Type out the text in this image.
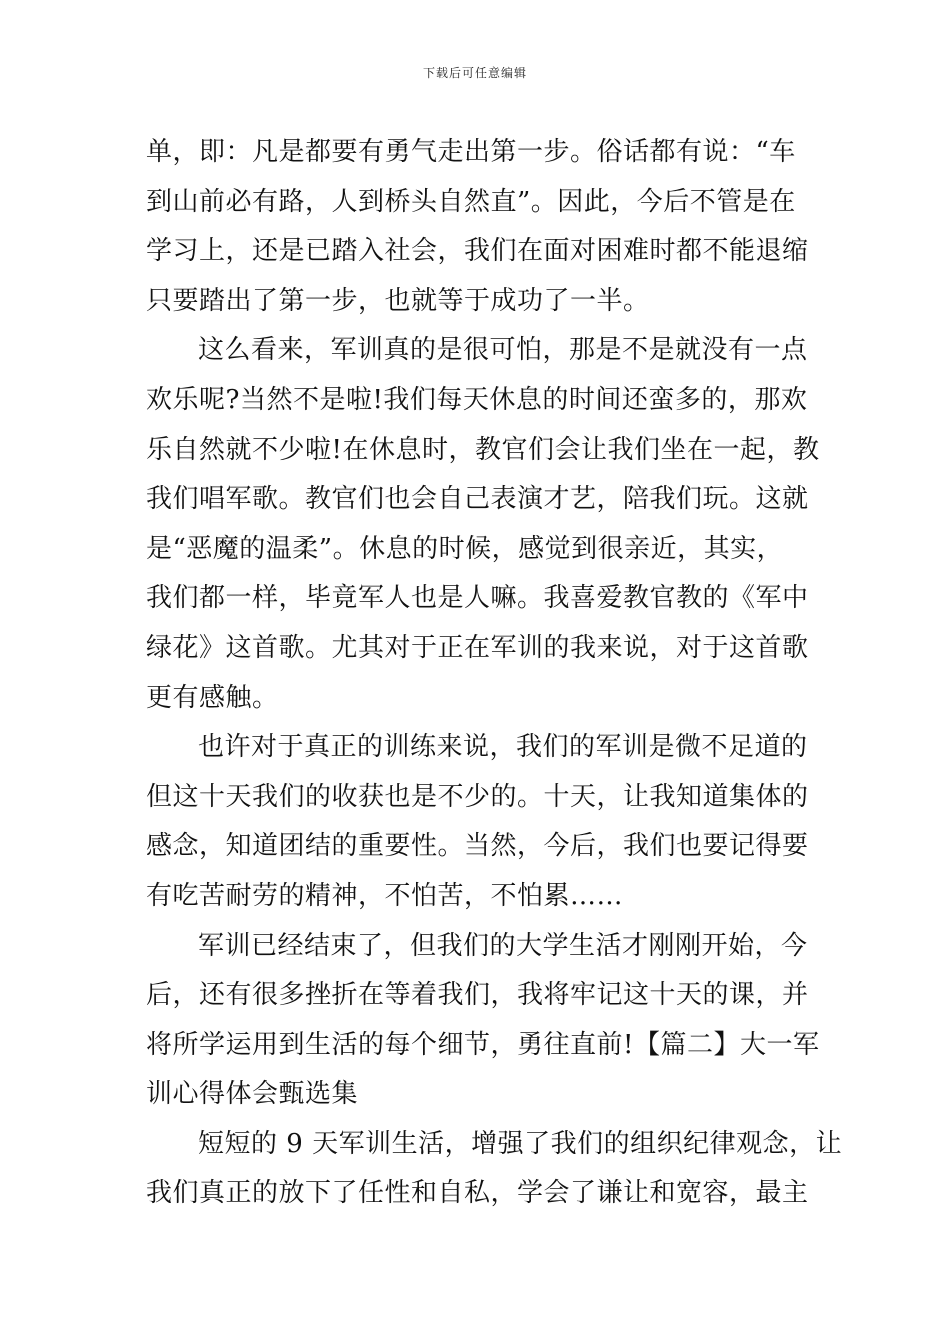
下载后可任意编辑
单，即：凡是都要有勇气走出第一步。俗话都有说：“车
到山前必有路，人到桥头自然直”。因此，今后不管是在
学习上，还是已踏入社会，我们在面对困难时都不能退缩
只要踏出了第一步，也就等于成功了一半。
这么看来，军训真的是很可怕，那是不是就没有一点
欢乐呢?当然不是啦!我们每天休息的时间还蛮多的，那欢
乐自然就不少啦!在休息时，教官们会让我们坐在一起，教
我们唱军歌。教官们也会自己表演才艺，陪我们玩。这就
是“恶魔的温柔”。休息的时候，感觉到很亲近，其实，
我们都一样，毕竟军人也是人嘛。我喜爱教官教的《军中
绿花》这首歌。尤其对于正在军训的我来说，对于这首歌
更有感触。
也许对于真正的训练来说，我们的军训是微不足道的
但这十天我们的收获也是不少的。十天，让我知道集体的
感念，知道团结的重要性。当然，今后，我们也要记得要
有吃苦耐劳的精神，不怕苦，不怕累……
军训已经结束了，但我们的大学生活才刚刚开始，今
后，还有很多挫折在等着我们，我将牢记这十天的课，并
将所学运用到生活的每个细节，勇往直前!【篇二】大一军
训心得体会甄选集
短短的 9 天军训生活，增强了我们的组织纪律观念，让
我们真正的放下了任性和自私，学会了谦让和宽容，最主
